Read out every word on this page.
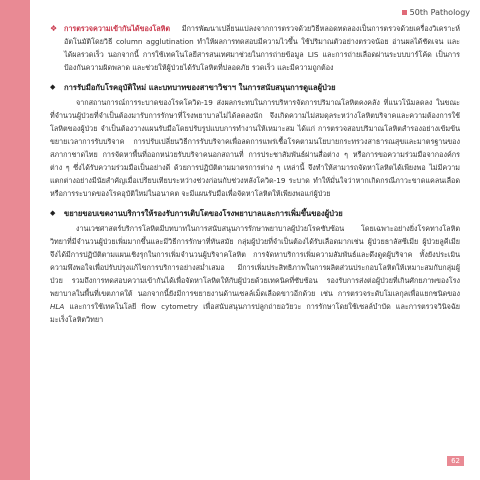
50th Pathology
❖ การตรวจความเข้ากันได้ของโลหิต มีการพัฒนาเปลี่ยนแปลงจากการตรวจด้วยวิธีหลอดทดลองเป็นการตรวจด้วยเครื่องวิเคราะห์อัตโนมัติโดยวิธี column agglutination ทำให้ผลการทดสอบมีความไวขึ้น ใช้ปริมาณตัวอย่างตรวจน้อย อ่านผลได้ชัดเจน และได้ผลรวดเร็ว นอกจากนี้ การใช้เทคโนโลยีสารสนเทศมาช่วยในการถ่ายข้อมูล LIS และการถ่ายเลือดผ่านระบบบาร์โค้ด เป็นการป้องกันความผิดพลาด และช่วยให้ผู้ป่วยได้รับโลหิตที่ปลอดภัย รวดเร็ว และมีความถูกต้อง

◆ การรับมือกับโรคอุบัติใหม่ และบทบาทของสาขาวิชาฯ ในการสนับสนุนการดูแลผู้ป่วย

จากสถานการณ์การระบาดของโรคโควิด-19 ส่งผลกระทบในการบริหารจัดการปริมาณโลหิตคงคลัง ที่แนวโน้มลดลง ในขณะที่จำนวนผู้ป่วยที่จำเป็นต้องมารับการรักษาที่โรงพยาบาลไม่ได้ลดลงนัก จึงเกิดความไม่สมดุลระหว่างโลหิตบริจาคและความต้องการใช้โลหิตของผู้ป่วย จำเป็นต้องวางแผนรับมือโดยปรับรูปแบบการทำงานให้เหมาะสม ได้แก่ การตรวจสอบปริมาณโลหิตสำรองอย่างเข้มข้น ขยายเวลาการรับบริจาค การปรับเปลี่ยนวิธีการรับบริจาคเพื่อลดการแพร่เชื้อโรคตามนโยบายกระทรวงสาธารณสุขและมาตรฐานของสภากาชาดไทย การจัดหาพื้นที่ออกหน่วยรับบริจาคนอกสถานที่ การประชาสัมพันธ์ผ่านสื่อต่าง ๆ หรือการขอความร่วมมือจากองค์กรต่าง ๆ ซึ่งได้รับความร่วมมือเป็นอย่างดี ด้วยการปฏิบัติตามมาตรการต่าง ๆ เหล่านี้ จึงทำให้สามารถจัดหาโลหิตได้เพียงพอ ไม่มีความแตกต่างอย่างมีนัยสำคัญเมื่อเปรียบเทียบระหว่างช่วงก่อนกับช่วงหลังโควิด-19 ระบาด ทำให้มั่นใจว่าหากเกิดกรณีภาวะขาดแคลนเลือดหรือการระบาดของโรคอุบัติใหม่ในอนาคต จะมีแผนรับมือเพื่อจัดหาโลหิตให้เพียงพอแก่ผู้ป่วย

◆ ขยายขอบเขตงานบริการให้รองรับการเติบโตของโรงพยาบาลและการเพิ่มขึ้นของผู้ป่วย

งานเวชศาสตร์บริการโลหิตมีบทบาทในการสนับสนุนการรักษาพยาบาลผู้ป่วยโรคซับซ้อน โดยเฉพาะอย่างยิ่งโรคทางโลหิตวิทยาที่มีจำนวนผู้ป่วยเพิ่มมากขึ้นและมีวิธีการรักษาที่ทันสมัย กลุ่มผู้ป่วยที่จำเป็นต้องได้รับเลือดมากเช่น ผู้ป่วยธาลัสซีเมีย ผู้ป่วยลูคีเมีย จึงได้มีการปฏิบัติตามแผนเชิงรุกในการเพิ่มจำนวนผู้บริจาคโลหิต การจัดหาบริการเพิ่มความสัมพันธ์และดึงดูดผู้บริจาค ทั้งยังประเมินความพึงพอใจเพื่อปรับปรุงแก้ไขการบริการอย่างสม่ำเสมอ มีการเพิ่มประสิทธิภาพในการผลิตส่วนประกอบโลหิตให้เหมาะสมกับกลุ่มผู้ป่วย รวมถึงการทดสอบความเข้ากันได้เพื่อจัดหาโลหิตให้กับผู้ป่วยด้วยเทคนิคที่ซับซ้อน รองรับการส่งต่อผู้ป่วยที่เกินศักยภาพของโรงพยาบาลในพื้นที่เขตภาคใต้ นอกจากนี้ยังมีการขยายงานด้านเซลล์เม็ดเลือดขาวอีกด้วย เช่น การตรวจระดับโมเลกุลเพื่อแยกชนิดของ HLA และการใช้เทคโนโลยี flow cytometry เพื่อสนับสนุนการปลูกถ่ายอวัยวะ การรักษาโดยใช้เซลล์บำบัด และการตรวจวินิจฉัยมะเร็งโลหิตวิทยา

62
